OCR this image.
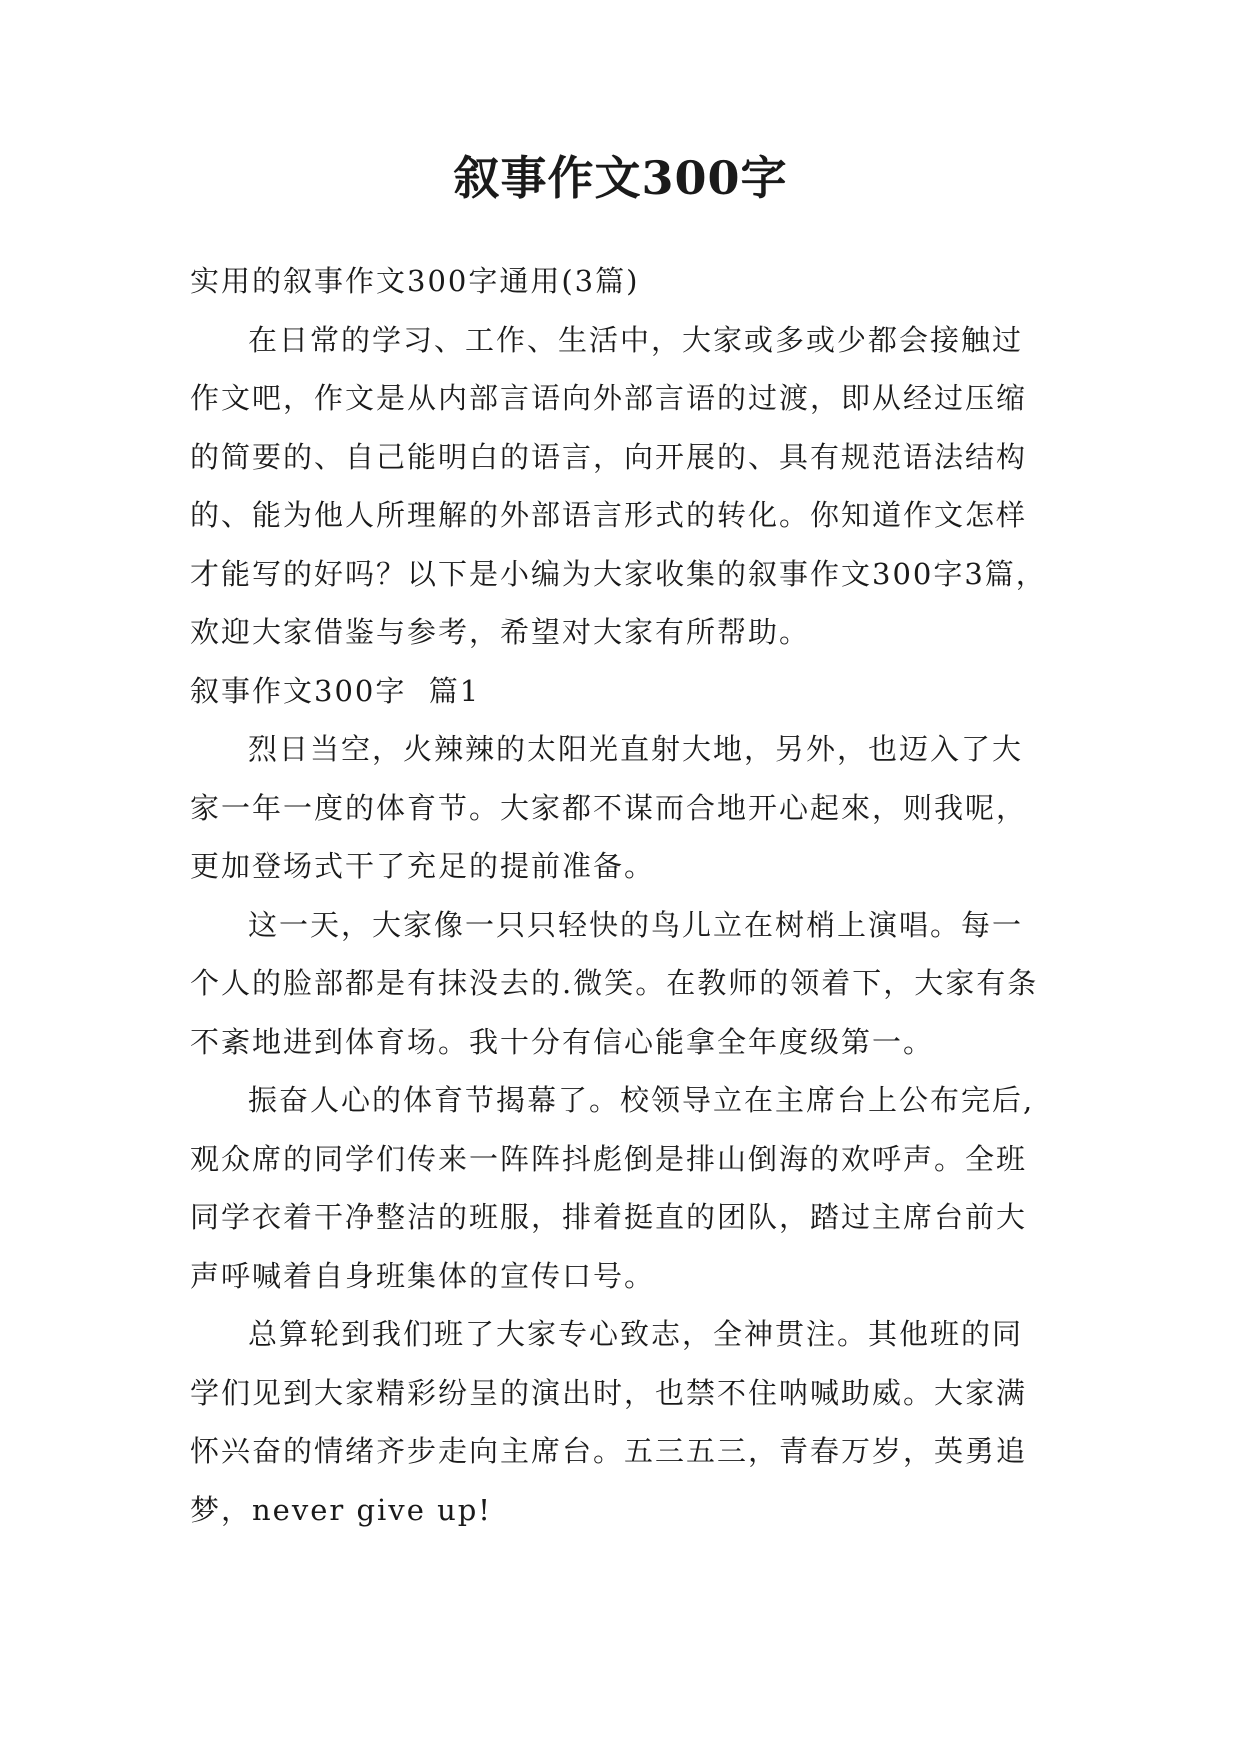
叙事作文300字

实用的叙事作文300字通用(3篇)

在日常的学习、工作、生活中，大家或多或少都会接触过作文吧，作文是从内部言语向外部言语的过渡，即从经过压缩的简要的、自己能明白的语言，向开展的、具有规范语法结构的、能为他人所理解的外部语言形式的转化。你知道作文怎样才能写的好吗？以下是小编为大家收集的叙事作文300字3篇，欢迎大家借鉴与参考，希望对大家有所帮助。

叙事作文300字  篇1

烈日当空，火辣辣的太阳光直射大地，另外，也迈入了大家一年一度的体育节。大家都不谋而合地开心起來，则我呢，更加登场式干了充足的提前准备。

这一天，大家像一只只轻快的鸟儿立在树梢上演唱。每一个人的脸部都是有抹没去的.微笑。在教师的领着下，大家有条不紊地进到体育场。我十分有信心能拿全年度级第一。

振奋人心的体育节揭幕了。校领导立在主席台上公布完后,观众席的同学们传来一阵阵抖彪倒是排山倒海的欢呼声。全班同学衣着干净整洁的班服，排着挺直的团队，踏过主席台前大声呼喊着自身班集体的宣传口号。

总算轮到我们班了大家专心致志，全神贯注。其他班的同学们见到大家精彩纷呈的演出时，也禁不住呐喊助威。大家满怀兴奋的情绪齐步走向主席台。五三五三，青春万岁，英勇追梦，never give up!
